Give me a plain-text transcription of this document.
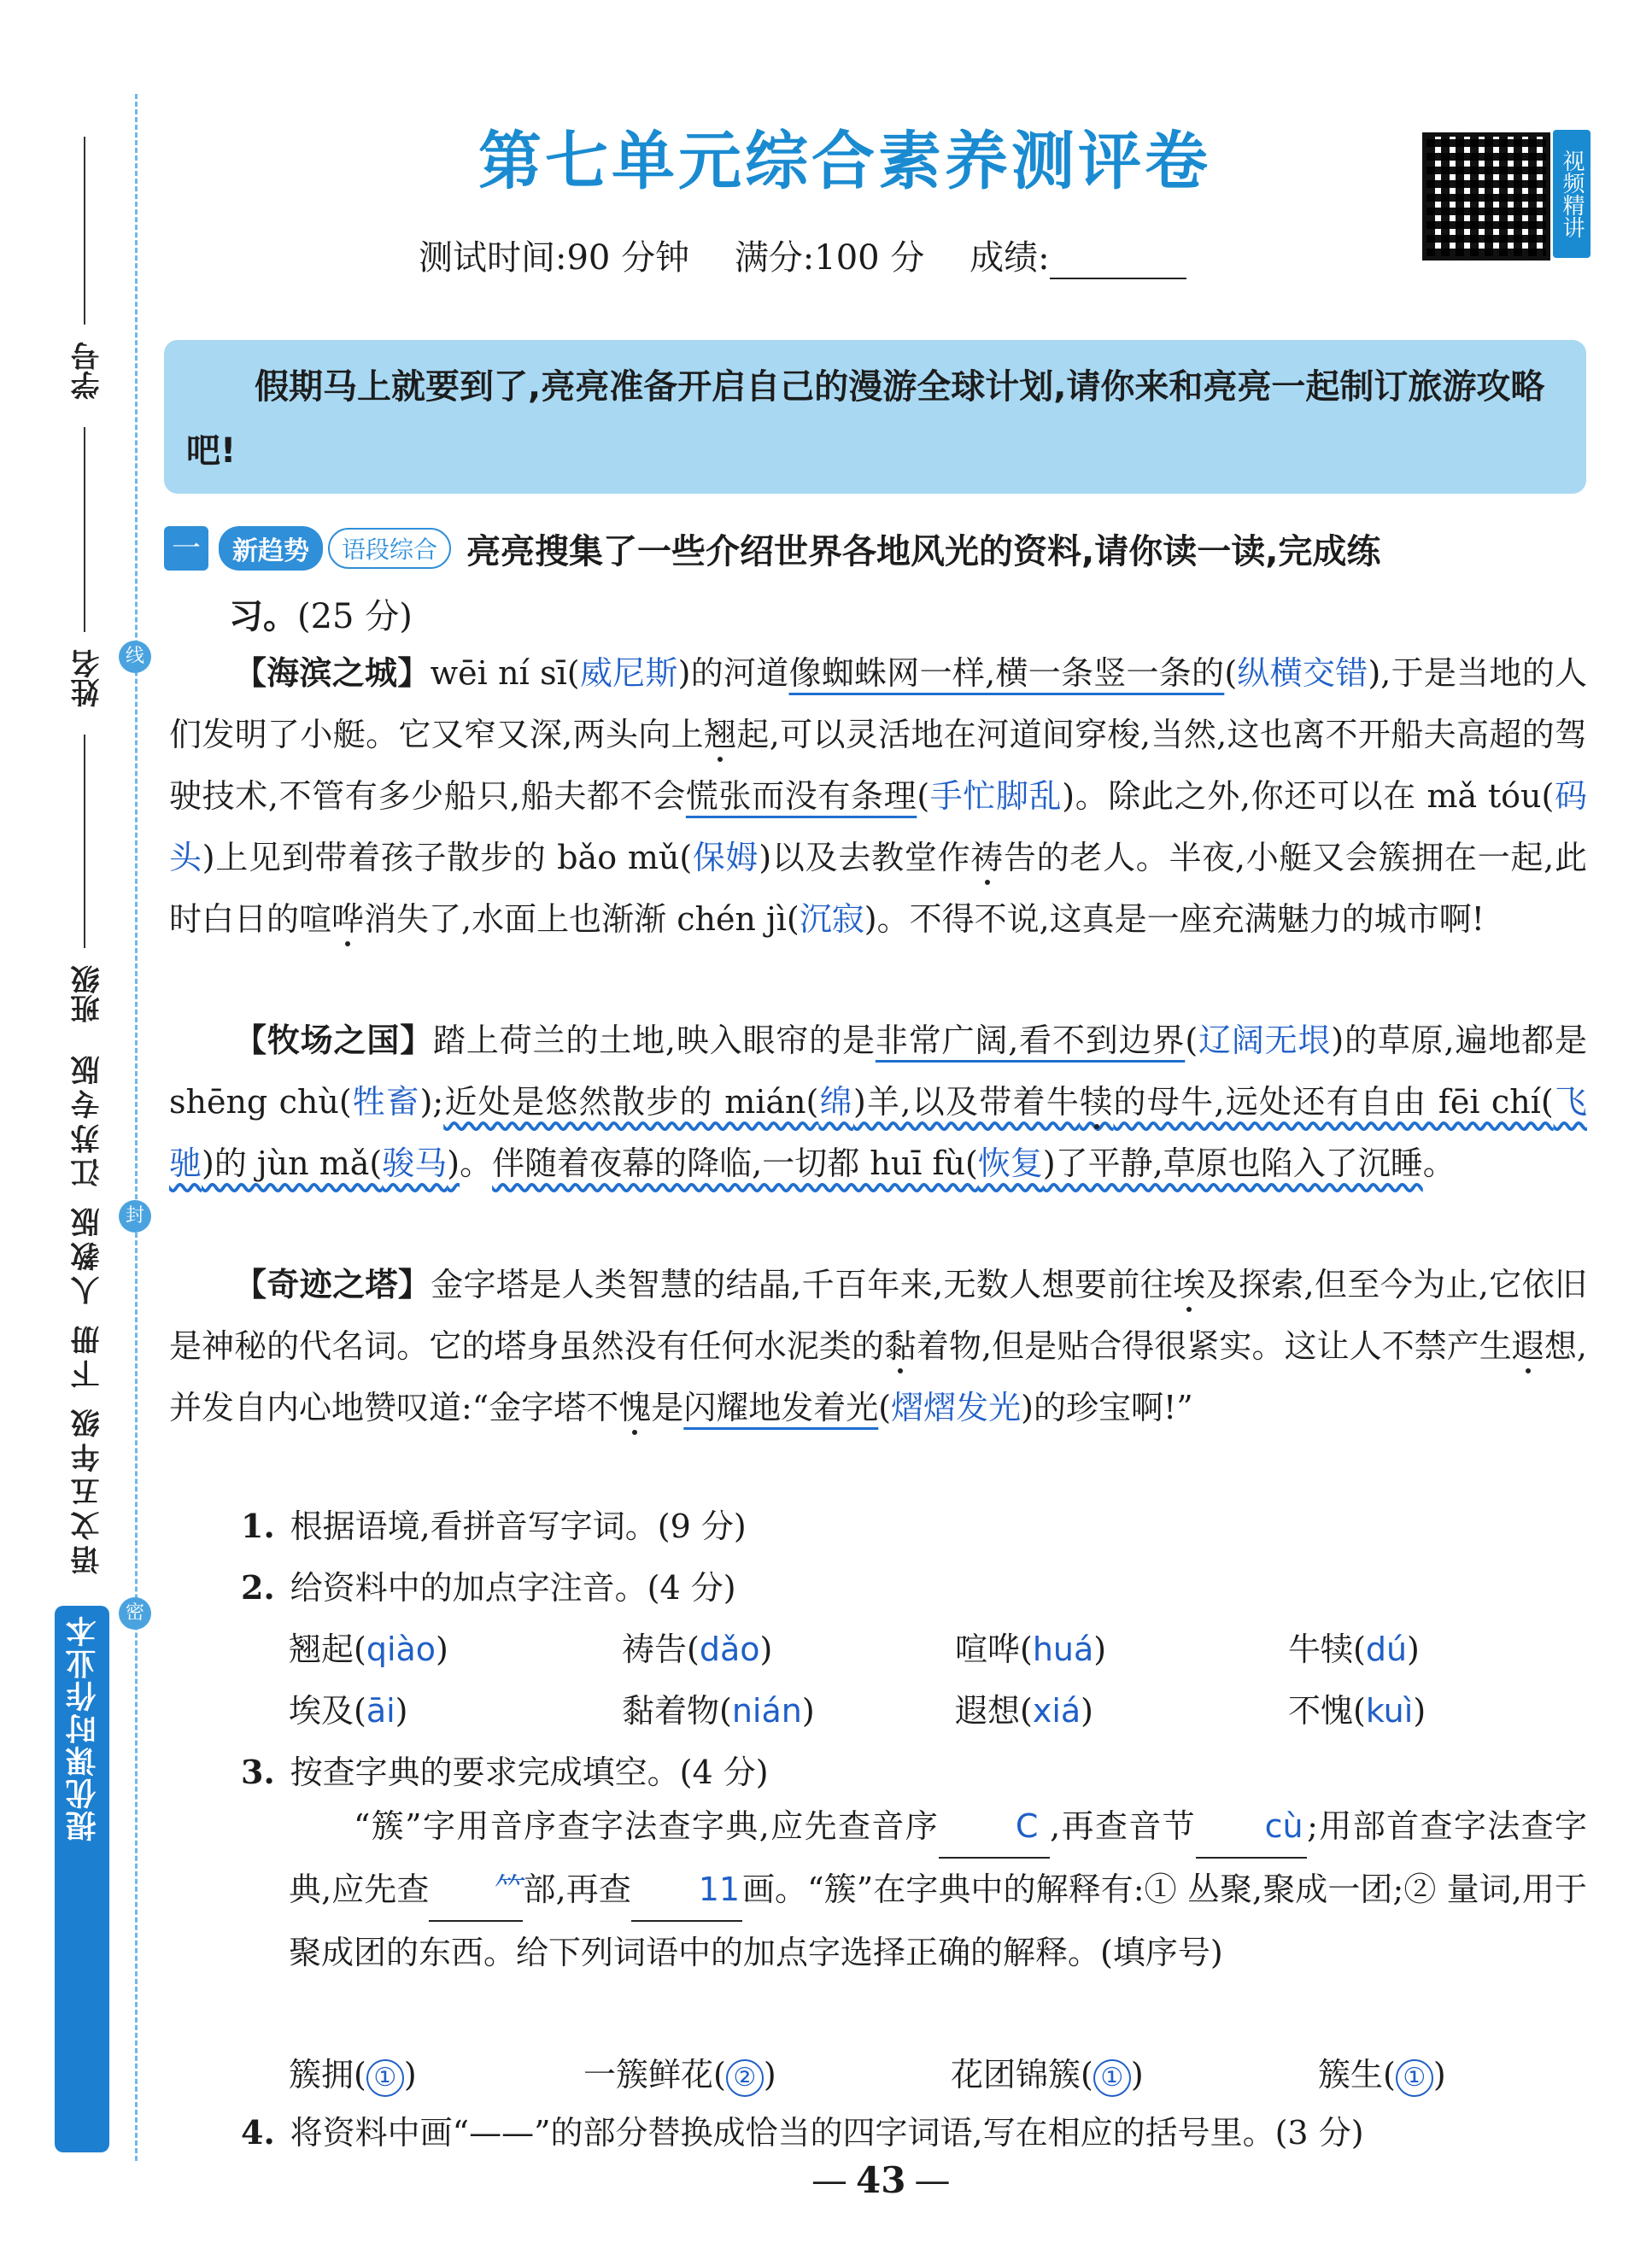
学号
姓名
班级
语文五年级 下册 人教版 江苏专版
线
封
密
提优课时作业本
第七单元综合素养测评卷	视频精讲
测试时间:90 分钟 满分:100 分 成绩:
假期马上就要到了,亮亮准备开启自己的漫游全球计划,请你来和亮亮一起制订旅游攻略吧!
一	新趋势	语段综合 亮亮搜集了一些介绍世界各地风光的资料,请你读一读,完成练
习。(25 分)
【海滨之城】wēi ní sī(威尼斯)的河道像蜘蛛网一样,横一条竖一条的(纵横交错),于是当地的人们发明了小艇。它又窄又深,两头向上翘起,可以灵活地在河道间穿梭,当然,这也离不开船夫高超的驾驶技术,不管有多少船只,船夫都不会慌张而没有条理(手忙脚乱)。除此之外,你还可以在 mǎ tóu(码头)上见到带着孩子散步的 bǎo mǔ(保姆)以及去教堂作祷告的老人。半夜,小艇又会簇拥在一起,此时白日的喧哗消失了,水面上也渐渐 chén jì(沉寂)。不得不说,这真是一座充满魅力的城市啊!
【牧场之国】踏上荷兰的土地,映入眼帘的是非常广阔,看不到边界(辽阔无垠)的草原,遍地都是 shēng chù(牲畜);近处是悠然散步的 mián(绵)羊,以及带着牛犊的母牛,远处还有自由 fēi chí(飞驰)的 jùn mǎ(骏马)。伴随着夜幕的降临,一切都 huī fù(恢复)了平静,草原也陷入了沉睡。
【奇迹之塔】金字塔是人类智慧的结晶,千百年来,无数人想要前往埃及探索,但至今为止,它依旧是神秘的代名词。它的塔身虽然没有任何水泥类的黏着物,但是贴合得很紧实。这让人不禁产生遐想,并发自内心地赞叹道:“金字塔不愧是闪耀地发着光(熠熠发光)的珍宝啊!”
1. 根据语境,看拼音写字词。(9 分)
2. 给资料中的加点字注音。(4 分)
翘起(qiào)	祷告(dǎo)	喧哗(huá)	牛犊(dú)
埃及(āi)	黏着物(nián)	遐想(xiá)	不愧(kuì)
3. 按查字典的要求完成填空。(4 分)
“簇”字用音序查字法查字典,应先查音序 C ,再查音节 cù ;用部首查字法查字典,应先查 ⺮部,再查 11画。“簇”在字典中的解释有:① 丛聚,聚成一团;② 量词,用于聚成团的东西。给下列词语中的加点字选择正确的解释。(填序号)
簇拥( ① )	一簇鲜花( ② )	花团锦簇( ① )	簇生( ① )
4. 将资料中画“——”的部分替换成恰当的四字词语,写在相应的括号里。(3 分)
— 43 —
